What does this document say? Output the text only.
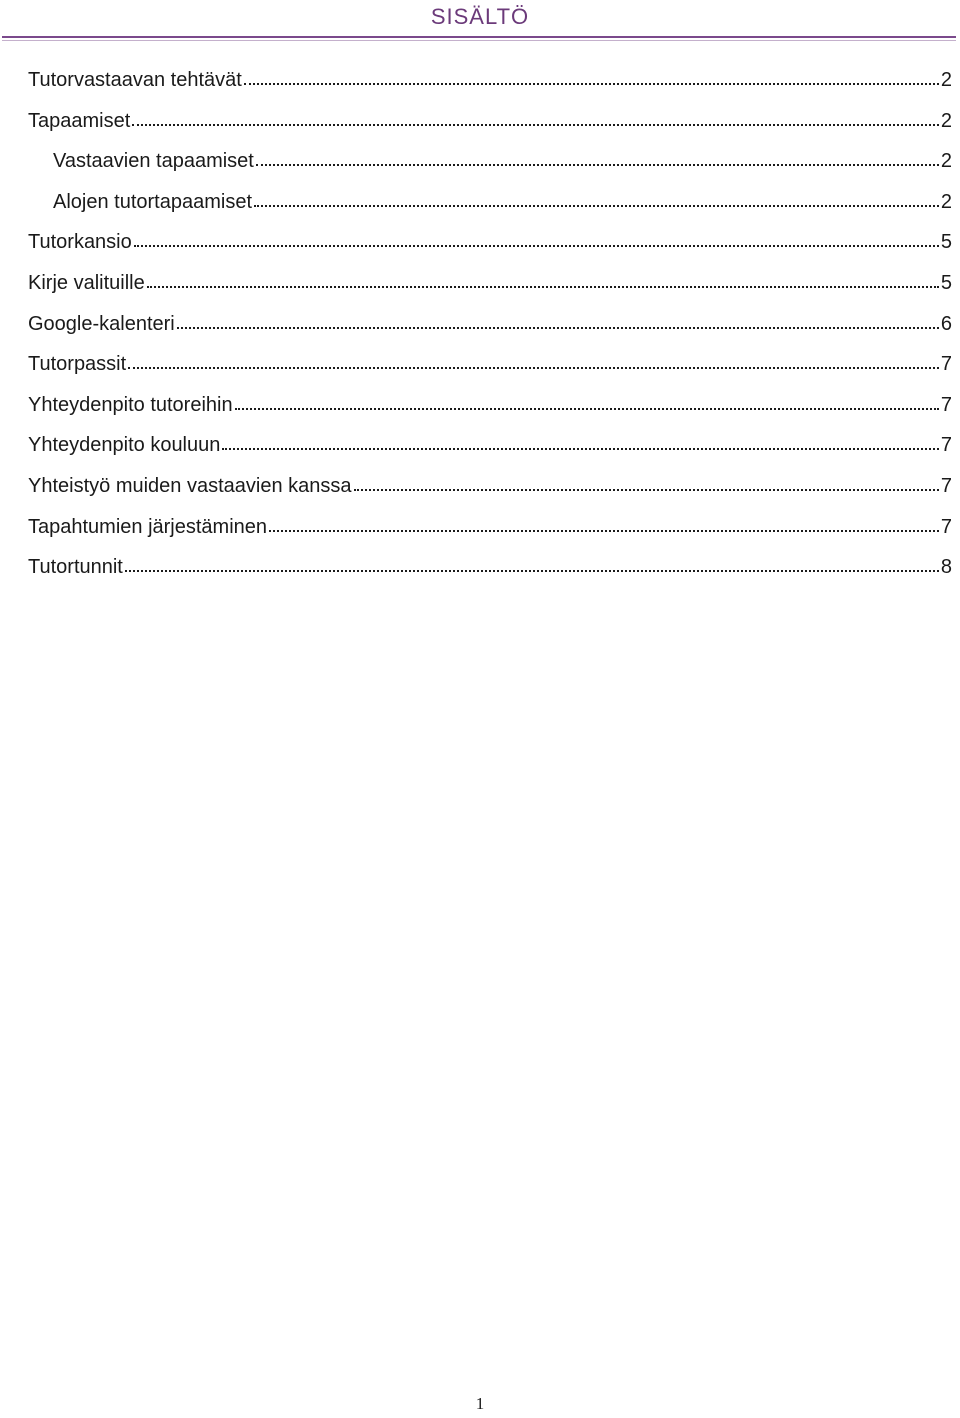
SISÄLTÖ
Tutorvastaavan tehtävät	2
Tapaamiset	2
Vastaavien tapaamiset	2
Alojen tutortapaamiset	2
Tutorkansio	5
Kirje valituille	5
Google-kalenteri	6
Tutorpassit	7
Yhteydenpito tutoreihin	7
Yhteydenpito kouluun	7
Yhteistyö muiden vastaavien kanssa	7
Tapahtumien järjestäminen	7
Tutortunnit	8
1
